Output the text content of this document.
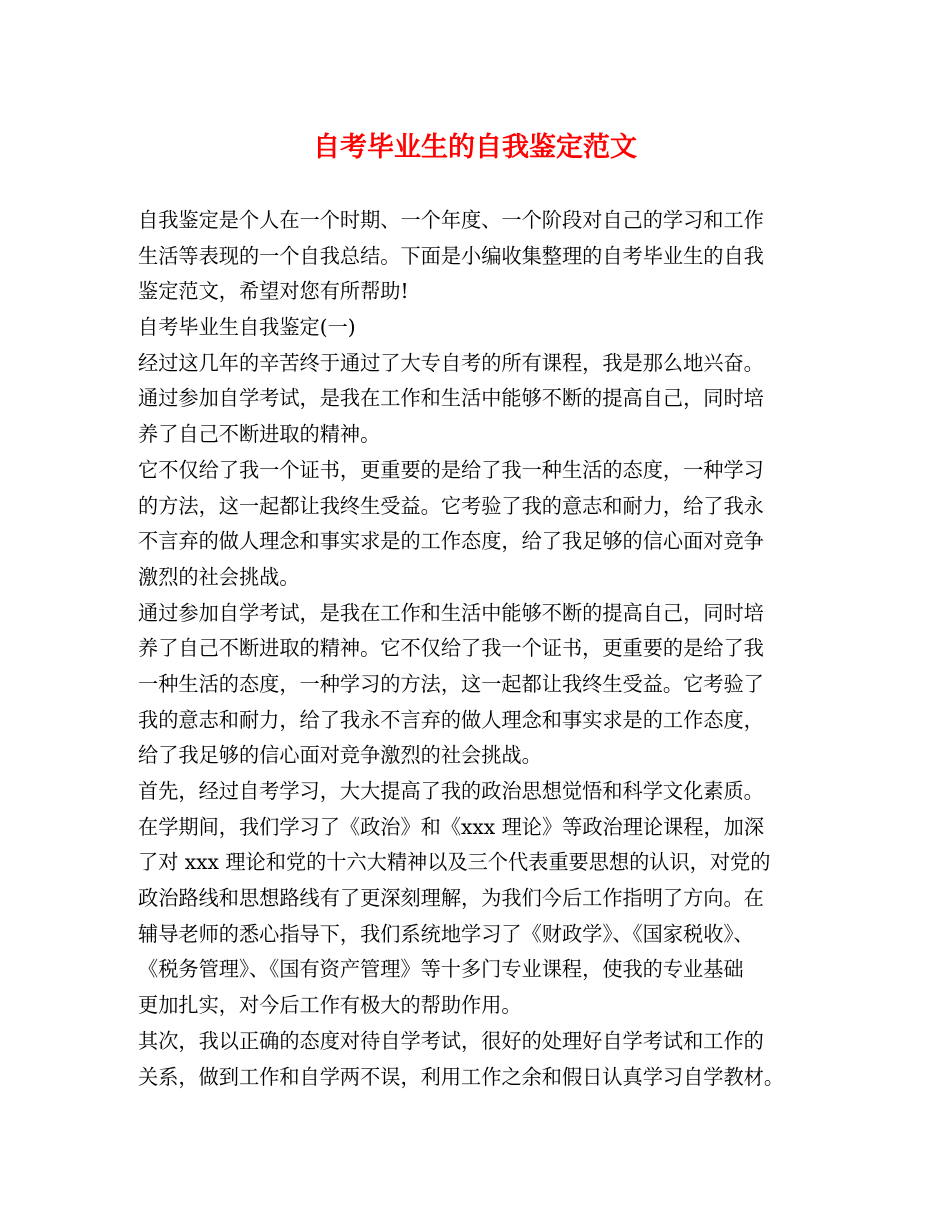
自考毕业生的自我鉴定范文
自我鉴定是个人在一个时期、一个年度、一个阶段对自己的学习和工作
生活等表现的一个自我总结。下面是小编收集整理的自考毕业生的自我
鉴定范文，希望对您有所帮助!
自考毕业生自我鉴定(一)
经过这几年的辛苦终于通过了大专自考的所有课程，我是那么地兴奋。
通过参加自学考试，是我在工作和生活中能够不断的提高自己，同时培
养了自己不断进取的精神。
它不仅给了我一个证书，更重要的是给了我一种生活的态度，一种学习
的方法，这一起都让我终生受益。它考验了我的意志和耐力，给了我永
不言弃的做人理念和事实求是的工作态度，给了我足够的信心面对竞争
激烈的社会挑战。
通过参加自学考试，是我在工作和生活中能够不断的提高自己，同时培
养了自己不断进取的精神。它不仅给了我一个证书，更重要的是给了我
一种生活的态度，一种学习的方法，这一起都让我终生受益。它考验了
我的意志和耐力，给了我永不言弃的做人理念和事实求是的工作态度，
给了我足够的信心面对竞争激烈的社会挑战。
首先，经过自考学习，大大提高了我的政治思想觉悟和科学文化素质。
在学期间，我们学习了《政治》和《xxx 理论》等政治理论课程，加深
了对 xxx 理论和党的十六大精神以及三个代表重要思想的认识，对党的
政治路线和思想路线有了更深刻理解，为我们今后工作指明了方向。在
辅导老师的悉心指导下，我们系统地学习了《财政学》、《国家税收》、
《税务管理》、《国有资产管理》等十多门专业课程，使我的专业基础
更加扎实，对今后工作有极大的帮助作用。
其次，我以正确的态度对待自学考试，很好的处理好自学考试和工作的
关系，做到工作和自学两不误，利用工作之余和假日认真学习自学教材。
